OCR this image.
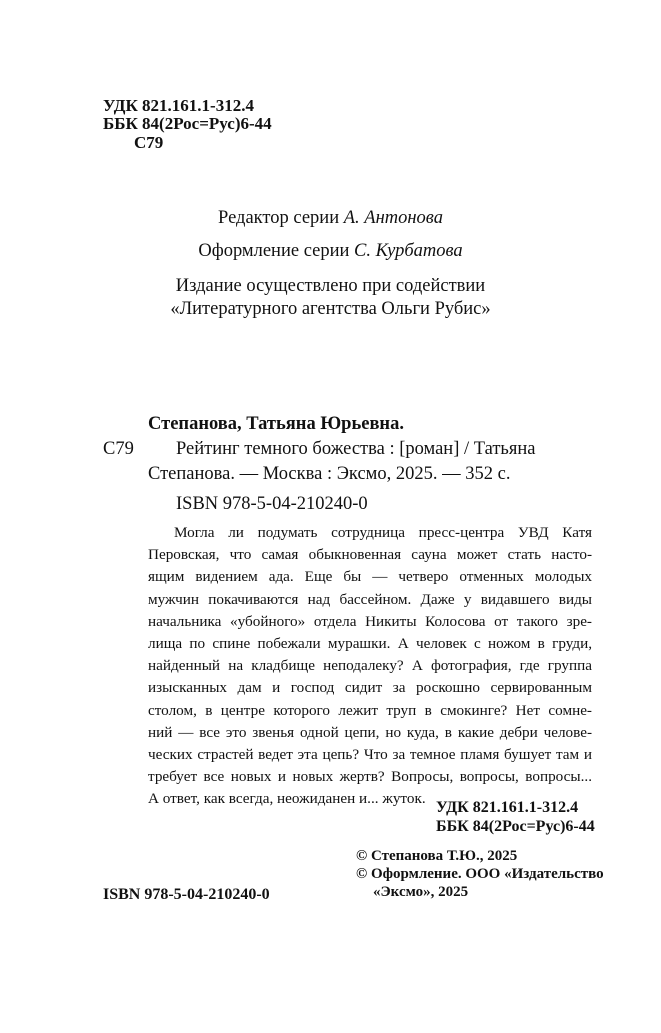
УДК 821.161.1-312.4
ББК 84(2Рос=Рус)6-44
С79
Редактор серии А. Антонова
Оформление серии С. Курбатова
Издание осуществлено при содействии
«Литературного агентства Ольги Рубис»
Степанова, Татьяна Юрьевна.
С79 Рейтинг темного божества : [роман] / Татьяна
Степанова. — Москва : Эксмо, 2025. — 352 с.
ISBN 978-5-04-210240-0

Могла ли подумать сотрудница пресс-центра УВД Катя

Перовская, что самая обыкновенная сауна может стать насто-

ящим видением ада. Еще бы — четверо отменных молодых

мужчин покачиваются над бассейном. Даже у видавшего виды

начальника «убойного» отдела Никиты Колосова от такого зре-

лища по спине побежали мурашки. А человек с ножом в груди,

найденный на кладбище неподалеку? А фотография, где группа

изысканных дам и господ сидит за роскошно сервированным

столом, в центре которого лежит труп в смокинге? Нет сомне-

ний — все это звенья одной цепи, но куда, в какие дебри челове-

ческих страстей ведет эта цепь? Что за темное пламя бушует там и

требует все новых и новых жертв? Вопросы, вопросы, вопросы...

А ответ, как всегда, неожиданен и... жуток.

УДК 821.161.1-312.4
ББК 84(2Рос=Рус)6-44
© Степанова Т.Ю., 2025
© Оформление. ООО «Издательство
«Эксмо», 2025
ISBN 978-5-04-210240-0
